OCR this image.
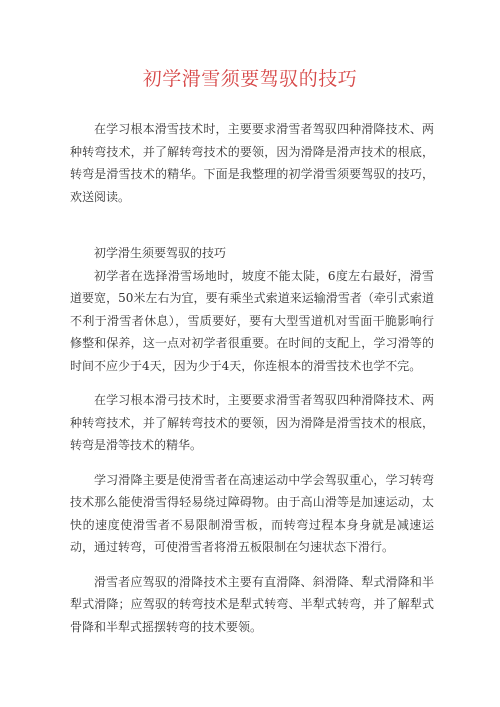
初学滑雪须要驾驭的技巧

在学习根本滑雪技术时，主要要求滑雪者驾驭四种滑降技术、两种转弯技术，并了解转弯技术的要领，因为滑降是滑声技术的根底，转弯是滑雪技术的精华。下面是我整理的初学滑雪须要驾驭的技巧，欢送阅读。

初学滑生须要驾驭的技巧

初学者在选择滑雪场地时，坡度不能太陡，6度左右最好，滑雪道要宽，50米左右为宜，要有乘坐式索道来运输滑雪者（牵引式索道不利于滑雪者休息），雪质要好，要有大型雪道机对雪面干脆影响行修整和保养，这一点对初学者很重要。在时间的支配上，学习滑等的时间不应少于4天，因为少于4天，你连根本的滑雪技术也学不完。

在学习根本滑弓技术时，主要要求滑雪者驾驭四种滑降技术、两种转弯技术，并了解转弯技术的要领，因为滑降是滑雪技术的根底，转弯是滑等技术的精华。

学习滑降主要是使滑雪者在高速运动中学会驾驭重心，学习转弯技术那么能使滑雪得轻易绕过障碍物。由于高山滑等是加速运动，太快的速度使滑雪者不易限制滑雪板，而转弯过程本身身就是减速运动，通过转弯，可使滑雪者将滑五板限制在匀速状态下滑行。

滑雪者应驾驭的滑降技术主要有直滑降、斜滑降、犁式滑降和半犁式滑降；应驾驭的转弯技术是犁式转弯、半犁式转弯，并了解犁式骨降和半犁式摇摆转弯的技术要领。
